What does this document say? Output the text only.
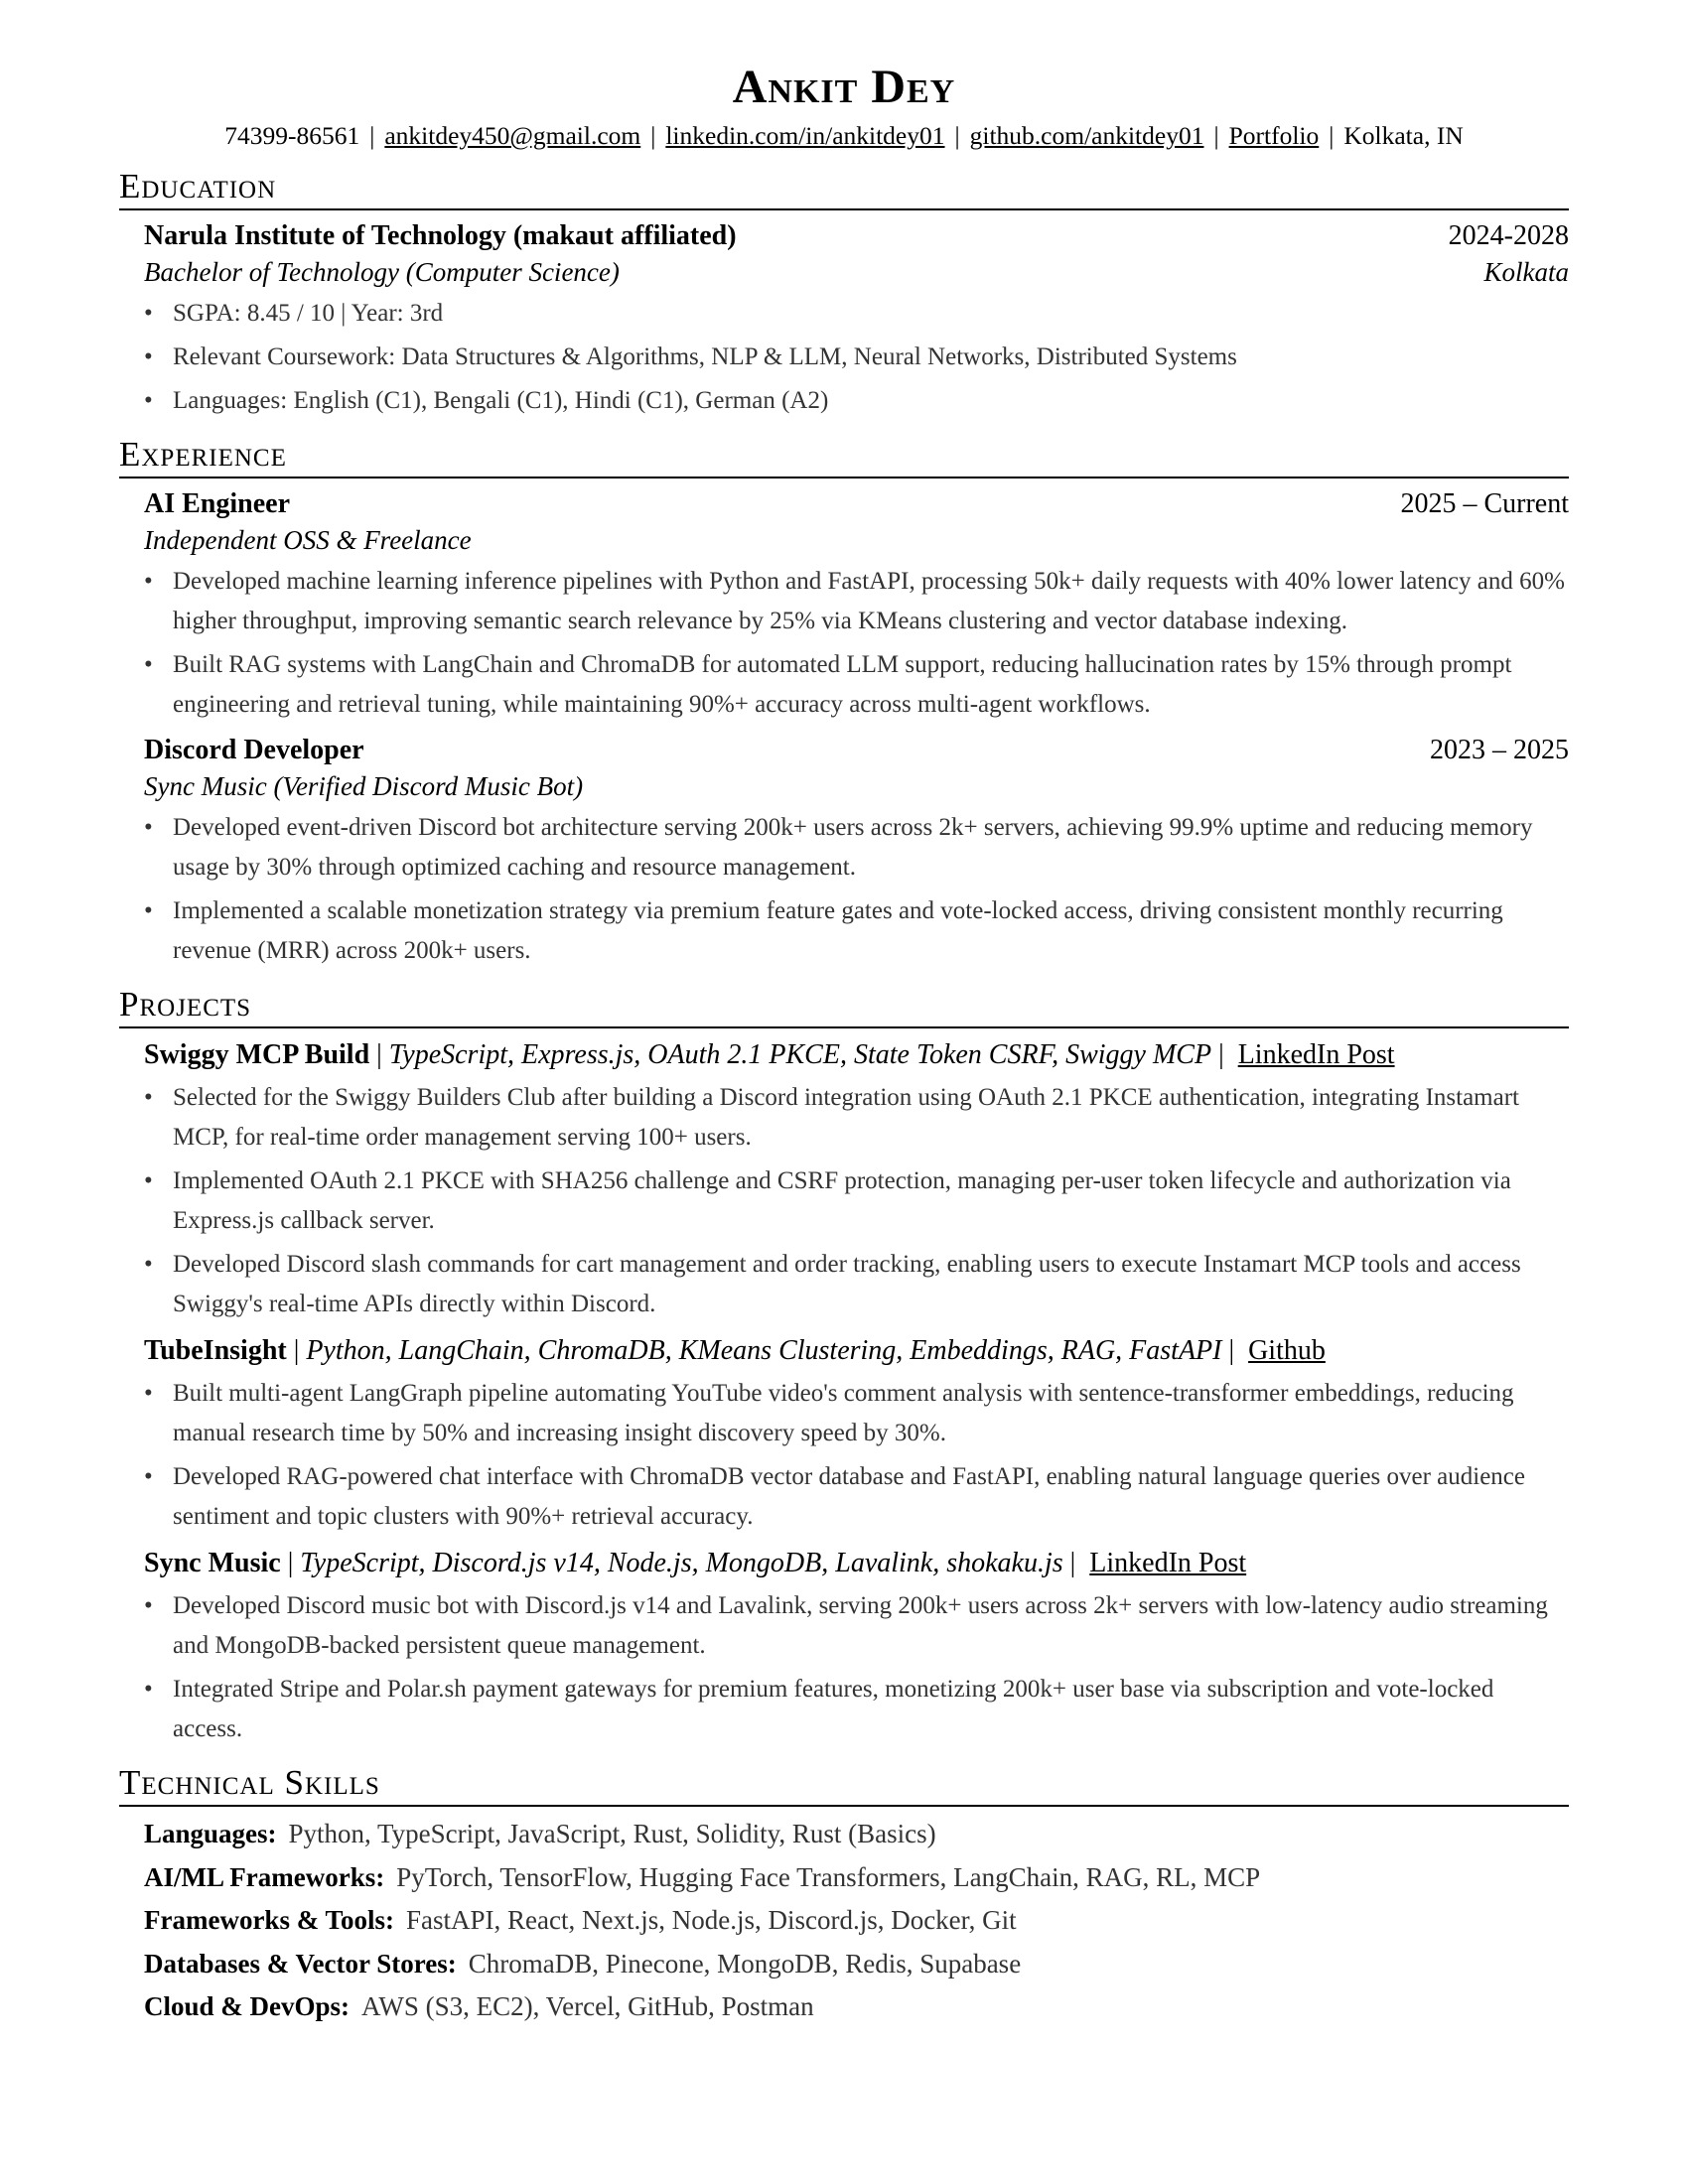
Ankit Dey
74399-86561 | ankitdey450@gmail.com | linkedin.com/in/ankitdey01 | github.com/ankitdey01 | Portfolio | Kolkata, IN
Education
Narula Institute of Technology (makaut affiliated)	2024-2028
Bachelor of Technology (Computer Science)	Kolkata
• SGPA: 8.45 / 10 | Year: 3rd
• Relevant Coursework: Data Structures & Algorithms, NLP & LLM, Neural Networks, Distributed Systems
• Languages: English (C1), Bengali (C1), Hindi (C1), German (A2)
Experience
AI Engineer	2025 – Current
Independent OSS & Freelance
• Developed machine learning inference pipelines with Python and FastAPI, processing 50k+ daily requests with 40% lower latency and 60% higher throughput, improving semantic search relevance by 25% via KMeans clustering and vector database indexing.
• Built RAG systems with LangChain and ChromaDB for automated LLM support, reducing hallucination rates by 15% through prompt engineering and retrieval tuning, while maintaining 90%+ accuracy across multi-agent workflows.
Discord Developer	2023 – 2025
Sync Music (Verified Discord Music Bot)
• Developed event-driven Discord bot architecture serving 200k+ users across 2k+ servers, achieving 99.9% uptime and reducing memory usage by 30% through optimized caching and resource management.
• Implemented a scalable monetization strategy via premium feature gates and vote-locked access, driving consistent monthly recurring revenue (MRR) across 200k+ users.
Projects
Swiggy MCP Build | TypeScript, Express.js, OAuth 2.1 PKCE, State Token CSRF, Swiggy MCP | LinkedIn Post
• Selected for the Swiggy Builders Club after building a Discord integration using OAuth 2.1 PKCE authentication, integrating Instamart MCP, for real-time order management serving 100+ users.
• Implemented OAuth 2.1 PKCE with SHA256 challenge and CSRF protection, managing per-user token lifecycle and authorization via Express.js callback server.
• Developed Discord slash commands for cart management and order tracking, enabling users to execute Instamart MCP tools and access Swiggy's real-time APIs directly within Discord.
TubeInsight | Python, LangChain, ChromaDB, KMeans Clustering, Embeddings, RAG, FastAPI | Github
• Built multi-agent LangGraph pipeline automating YouTube video's comment analysis with sentence-transformer embeddings, reducing manual research time by 50% and increasing insight discovery speed by 30%.
• Developed RAG-powered chat interface with ChromaDB vector database and FastAPI, enabling natural language queries over audience sentiment and topic clusters with 90%+ retrieval accuracy.
Sync Music | TypeScript, Discord.js v14, Node.js, MongoDB, Lavalink, shokaku.js | LinkedIn Post
• Developed Discord music bot with Discord.js v14 and Lavalink, serving 200k+ users across 2k+ servers with low-latency audio streaming and MongoDB-backed persistent queue management.
• Integrated Stripe and Polar.sh payment gateways for premium features, monetizing 200k+ user base via subscription and vote-locked access.
Technical Skills
Languages: Python, TypeScript, JavaScript, Rust, Solidity, Rust (Basics)
AI/ML Frameworks: PyTorch, TensorFlow, Hugging Face Transformers, LangChain, RAG, RL, MCP
Frameworks & Tools: FastAPI, React, Next.js, Node.js, Discord.js, Docker, Git
Databases & Vector Stores: ChromaDB, Pinecone, MongoDB, Redis, Supabase
Cloud & DevOps: AWS (S3, EC2), Vercel, GitHub, Postman
